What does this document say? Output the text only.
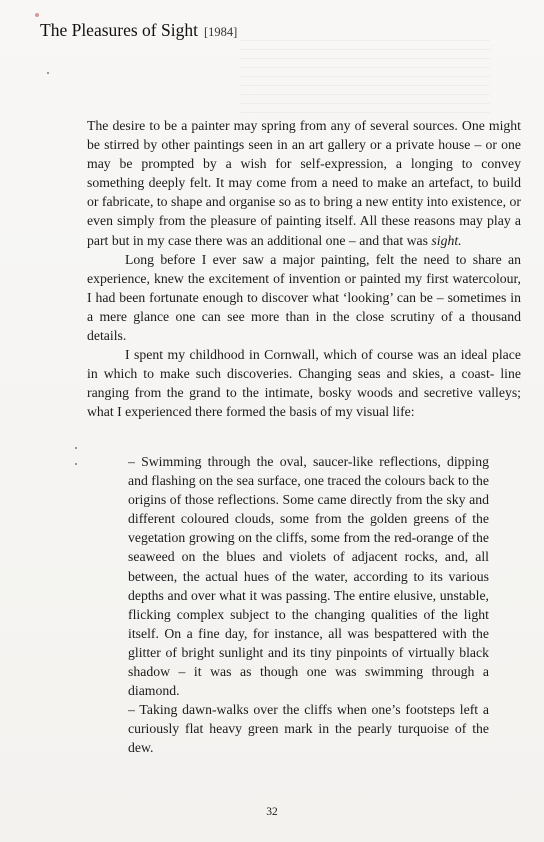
The Pleasures of Sight [1984]

The desire to be a painter may spring from any of several sources. One might be stirred by other paintings seen in an art gallery or a private house – or one may be prompted by a wish for self-expression, a longing to convey something deeply felt. It may come from a need to make an artefact, to build or fabricate, to shape and organise so as to bring a new entity into existence, or even simply from the pleasure of painting itself. All these reasons may play a part but in my case there was an additional one – and that was sight.

Long before I ever saw a major painting, felt the need to share an experience, knew the excitement of invention or painted my first watercolour, I had been fortunate enough to discover what ‘looking’ can be – sometimes in a mere glance one can see more than in the close scrutiny of a thousand details.

I spent my childhood in Cornwall, which of course was an ideal place in which to make such discoveries. Changing seas and skies, a coast- line ranging from the grand to the intimate, bosky woods and secretive valleys; what I experienced there formed the basis of my visual life:

– Swimming through the oval, saucer-like reflections, dipping and flashing on the sea surface, one traced the colours back to the origins of those reflections. Some came directly from the sky and different coloured clouds, some from the golden greens of the vegetation growing on the cliffs, some from the red-orange of the seaweed on the blues and violets of adjacent rocks, and, all between, the actual hues of the water, according to its various depths and over what it was passing. The entire elusive, unstable, flicking complex subject to the changing qualities of the light itself. On a fine day, for instance, all was bespattered with the glitter of bright sunlight and its tiny pinpoints of virtually black shadow – it was as though one was swimming through a diamond.

– Taking dawn-walks over the cliffs when one’s footsteps left a curiously flat heavy green mark in the pearly turquoise of the dew.

32
